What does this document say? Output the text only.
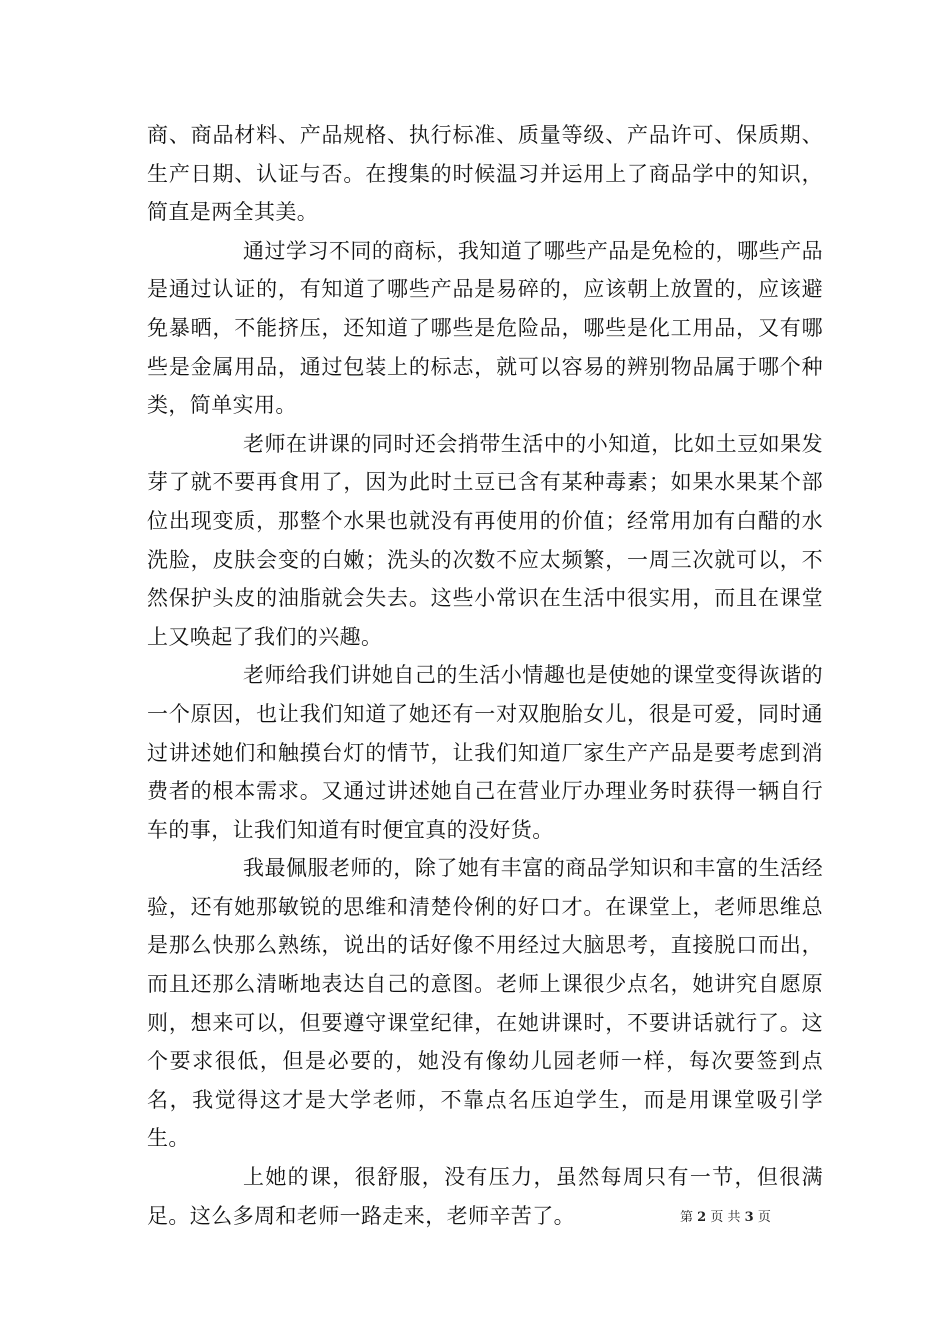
商、商品材料、产品规格、执行标准、质量等级、产品许可、保质期、生产日期、认证与否。在搜集的时候温习并运用上了商品学中的知识，简直是两全其美。

通过学习不同的商标，我知道了哪些产品是免检的，哪些产品是通过认证的，有知道了哪些产品是易碎的，应该朝上放置的，应该避免暴晒，不能挤压，还知道了哪些是危险品，哪些是化工用品，又有哪些是金属用品，通过包装上的标志，就可以容易的辨别物品属于哪个种类，简单实用。

老师在讲课的同时还会捎带生活中的小知道，比如土豆如果发芽了就不要再食用了，因为此时土豆已含有某种毒素；如果水果某个部位出现变质，那整个水果也就没有再使用的价值；经常用加有白醋的水洗脸，皮肤会变的白嫩；洗头的次数不应太频繁，一周三次就可以，不然保护头皮的油脂就会失去。这些小常识在生活中很实用，而且在课堂上又唤起了我们的兴趣。

老师给我们讲她自己的生活小情趣也是使她的课堂变得诙谐的一个原因，也让我们知道了她还有一对双胞胎女儿，很是可爱，同时通过讲述她们和触摸台灯的情节，让我们知道厂家生产产品是要考虑到消费者的根本需求。又通过讲述她自己在营业厅办理业务时获得一辆自行车的事，让我们知道有时便宜真的没好货。

我最佩服老师的，除了她有丰富的商品学知识和丰富的生活经验，还有她那敏锐的思维和清楚伶俐的好口才。在课堂上，老师思维总是那么快那么熟练，说出的话好像不用经过大脑思考，直接脱口而出，而且还那么清晰地表达自己的意图。老师上课很少点名，她讲究自愿原则，想来可以，但要遵守课堂纪律，在她讲课时，不要讲话就行了。这个要求很低，但是必要的，她没有像幼儿园老师一样，每次要签到点名，我觉得这才是大学老师，不靠点名压迫学生，而是用课堂吸引学生。

上她的课，很舒服，没有压力，虽然每周只有一节，但很满足。这么多周和老师一路走来，老师辛苦了。	第 2 页 共 3 页
